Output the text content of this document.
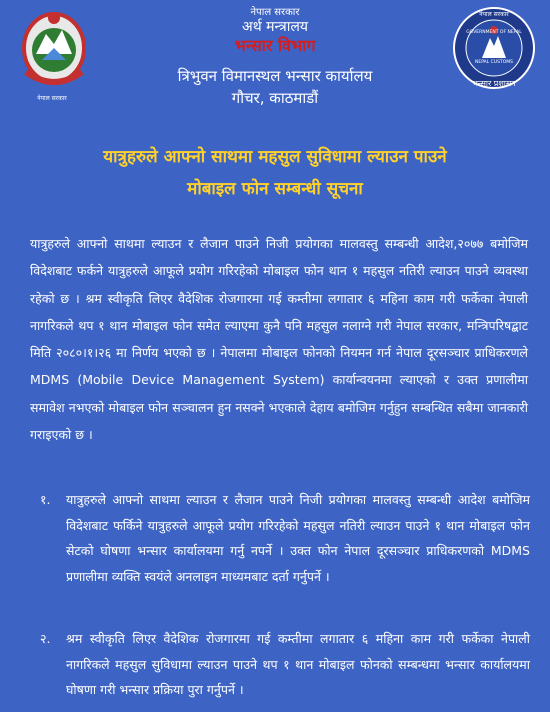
नेपाल सरकार
नेपाल सरकार
अर्थ मन्त्रालय
भन्सार विभाग
त्रिभुवन विमानस्थल भन्सार कार्यालय
गौचर, काठमाडौं
नेपाल सरकार
GOVERNMENT OF NEPAL
NEPAL CUSTOMS
भन्सार प्रशासन
यात्रुहरुले आफ्नो साथमा महसुल सुविधामा ल्याउन पाउने
मोबाइल फोन सम्बन्धी सूचना
यात्रुहरुले आफ्नो साथमा ल्याउन र लैजान पाउने निजी प्रयोगका मालवस्तु सम्बन्धी आदेश,२०७७ बमोजिम विदेशबाट फर्कने यात्रुहरुले आफूले प्रयोग गरिरहेको मोबाइल फोन थान १ महसुल नतिरी ल्याउन पाउने व्यवस्था रहेको छ । श्रम स्वीकृति लिएर वैदेशिक रोजगारमा गई कम्तीमा लगातार ६ महिना काम गरी फर्केका नेपाली नागरिकले थप १ थान मोबाइल फोन समेत ल्याएमा कुनै पनि महसुल नलाग्ने गरी नेपाल सरकार, मन्त्रिपरिषद्बाट मिति २०८०।१।२६ मा निर्णय भएको छ । नेपालमा मोबाइल फोनको नियमन गर्न नेपाल दूरसञ्चार प्राधिकरणले MDMS (Mobile Device Management System) कार्यान्वयनमा ल्याएको र उक्त प्रणालीमा समावेश नभएको मोबाइल फोन सञ्चालन हुन नसक्ने भएकाले देहाय बमोजिम गर्नुहुन सम्बन्धित सबैमा जानकारी गराइएको छ ।
१. यात्रुहरुले आफ्नो साथमा ल्याउन र लैजान पाउने निजी प्रयोगका मालवस्तु सम्बन्धी आदेश बमोजिम विदेशबाट फर्किने यात्रुहरुले आफूले प्रयोग गरिरहेको महसुल नतिरी ल्याउन पाउने १ थान मोबाइल फोन सेटको घोषणा भन्सार कार्यालयमा गर्नु नपर्ने । उक्त फोन नेपाल दूरसञ्चार प्राधिकरणको MDMS प्रणालीमा व्यक्ति स्वयंले अनलाइन माध्यमबाट दर्ता गर्नुपर्ने ।
२. श्रम स्वीकृति लिएर वैदेशिक रोजगारमा गई कम्तीमा लगातार ६ महिना काम गरी फर्केका नेपाली नागरिकले महसुल सुविधामा ल्याउन पाउने थप १ थान मोबाइल फोनको सम्बन्धमा भन्सार कार्यालयमा घोषणा गरी भन्सार प्रक्रिया पुरा गर्नुपर्ने ।
